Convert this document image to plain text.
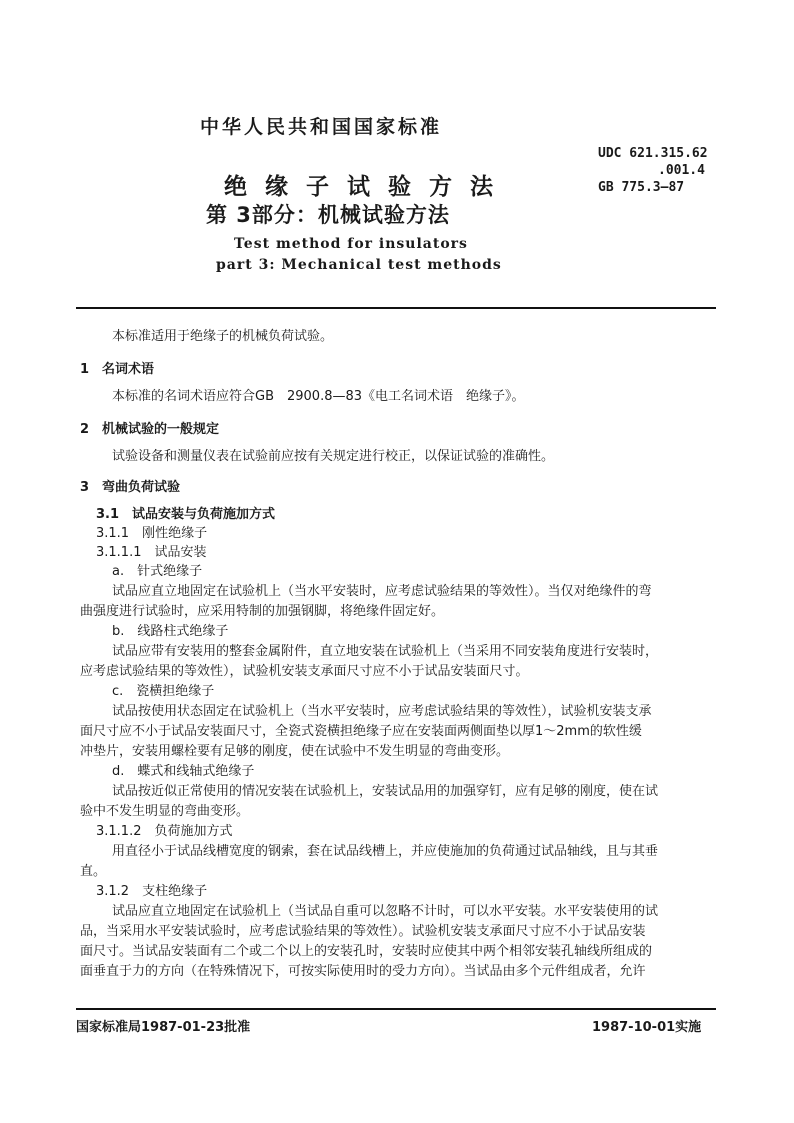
中华人民共和国国家标准
UDC 621.315.62
.001.4
GB 775.3—87
绝 缘 子 试 验 方 法
第 3部分：机械试验方法
Test method for insulators
part 3: Mechanical test methods
本标准适用于绝缘子的机械负荷试验。
1　名词术语
本标准的名词术语应符合GB　2900.8—83《电工名词术语　绝缘子》。
2　机械试验的一般规定
试验设备和测量仪表在试验前应按有关规定进行校正，以保证试验的准确性。
3　弯曲负荷试验
3.1　试品安装与负荷施加方式
3.1.1　刚性绝缘子
3.1.1.1　试品安装
a.　针式绝缘子
试品应直立地固定在试验机上（当水平安装时，应考虑试验结果的等效性）。当仅对绝缘件的弯
曲强度进行试验时，应采用特制的加强钢脚，将绝缘件固定好。
b.　线路柱式绝缘子
试品应带有安装用的整套金属附件，直立地安装在试验机上（当采用不同安装角度进行安装时，
应考虑试验结果的等效性），试验机安装支承面尺寸应不小于试品安装面尺寸。
c.　瓷横担绝缘子
试品按使用状态固定在试验机上（当水平安装时，应考虑试验结果的等效性），试验机安装支承
面尺寸应不小于试品安装面尺寸，全瓷式瓷横担绝缘子应在安装面两侧面垫以厚1～2mm的软性缓
冲垫片，安装用螺栓要有足够的刚度，使在试验中不发生明显的弯曲变形。
d.　蝶式和线轴式绝缘子
试品按近似正常使用的情况安装在试验机上，安装试品用的加强穿钉，应有足够的刚度，使在试
验中不发生明显的弯曲变形。
3.1.1.2　负荷施加方式
用直径小于试品线槽宽度的钢索，套在试品线槽上，并应使施加的负荷通过试品轴线，且与其垂
直。
3.1.2　支柱绝缘子
试品应直立地固定在试验机上（当试品自重可以忽略不计时，可以水平安装。水平安装使用的试
品，当采用水平安装试验时，应考虑试验结果的等效性）。试验机安装支承面尺寸应不小于试品安装
面尺寸。当试品安装面有二个或二个以上的安装孔时，安装时应使其中两个相邻安装孔轴线所组成的
面垂直于力的方向（在特殊情况下，可按实际使用时的受力方向）。当试品由多个元件组成者，允许
国家标准局1987-01-23批准	1987-10-01实施
